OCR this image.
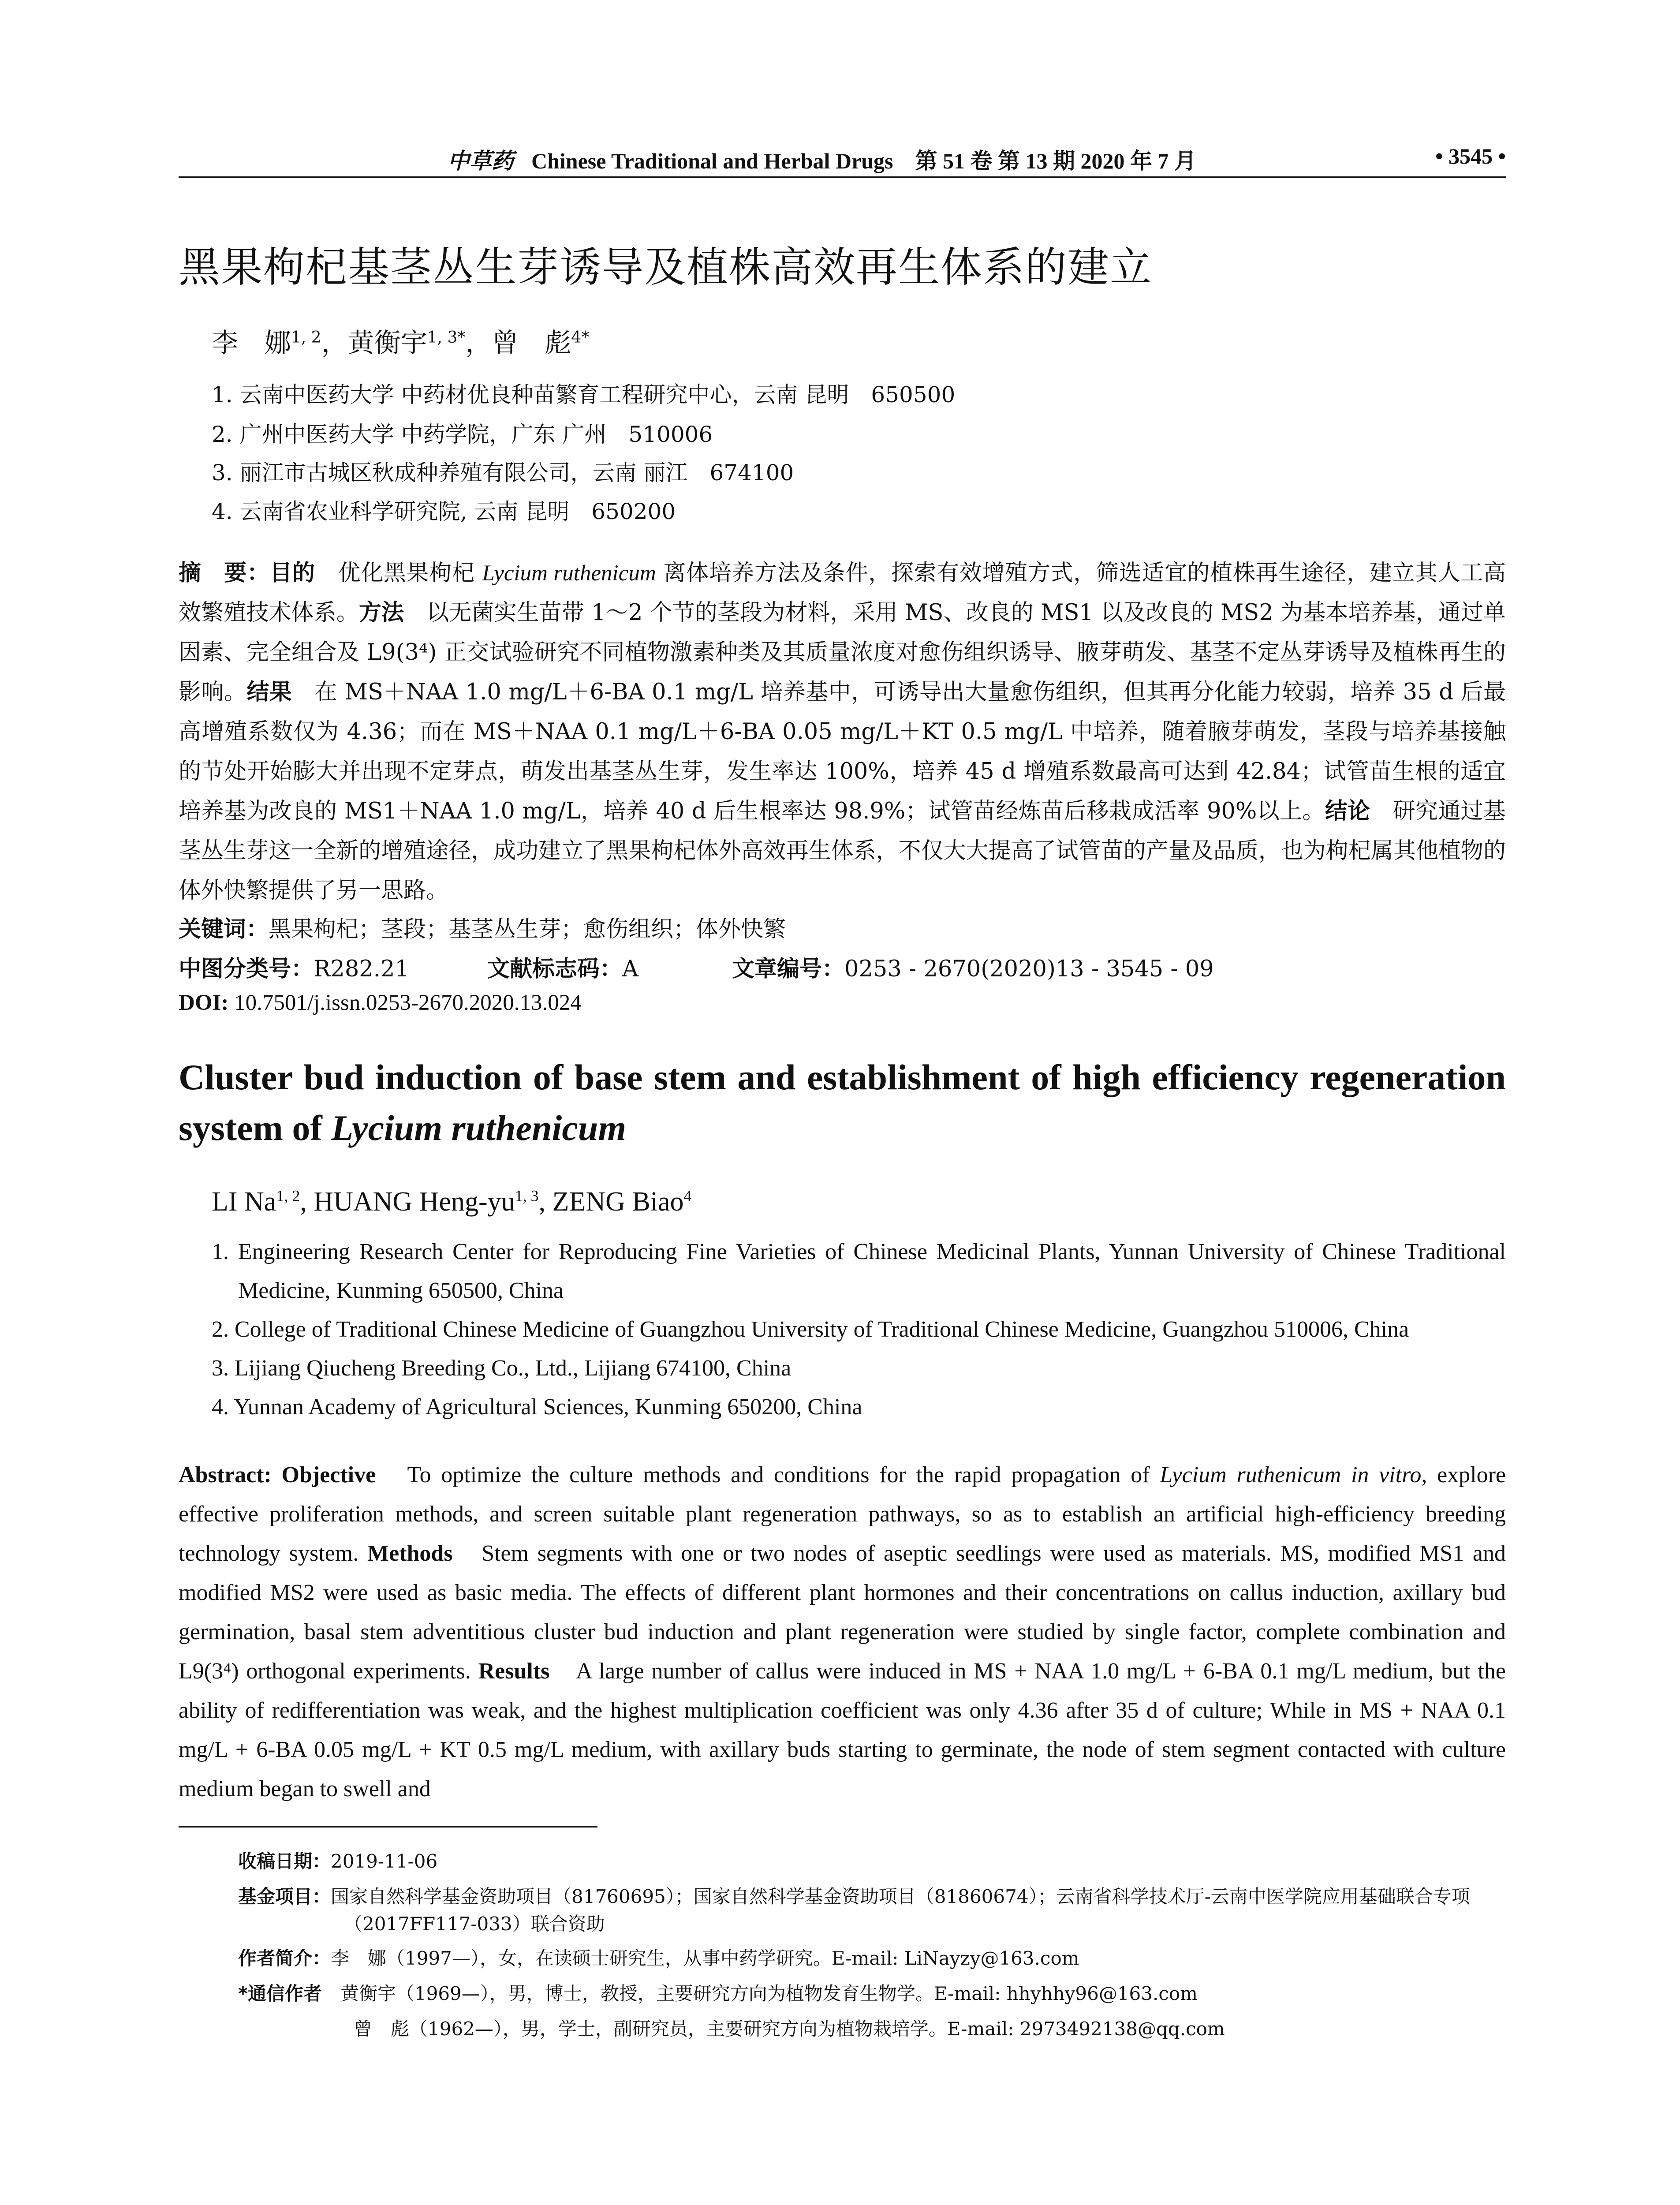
中草药 Chinese Traditional and Herbal Drugs　第 51 卷 第 13 期 2020 年 7 月	• 3545 •
黑果枸杞基茎丛生芽诱导及植株高效再生体系的建立
李　娜$^{1, 2}$，黄衡宇$^{1, 3*}$，曾　彪$^{4*}$
1. 云南中医药大学 中药材优良种苗繁育工程研究中心，云南 昆明　650500
2. 广州中医药大学 中药学院，广东 广州　510006
3. 丽江市古城区秋成种养殖有限公司，云南 丽江　674100
4. 云南省农业科学研究院, 云南 昆明　650200
摘　要：目的　优化黑果枸杞 Lycium ruthenicum 离体培养方法及条件，探索有效增殖方式，筛选适宜的植株再生途径，建立其人工高效繁殖技术体系。方法　以无菌实生苗带 1～2 个节的茎段为材料，采用 MS、改良的 MS1 以及改良的 MS2 为基本培养基，通过单因素、完全组合及 L9(3⁴) 正交试验研究不同植物激素种类及其质量浓度对愈伤组织诱导、腋芽萌发、基茎不定丛芽诱导及植株再生的影响。结果　在 MS＋NAA 1.0 mg/L＋6-BA 0.1 mg/L 培养基中，可诱导出大量愈伤组织，但其再分化能力较弱，培养 35 d 后最高增殖系数仅为 4.36；而在 MS＋NAA 0.1 mg/L＋6-BA 0.05 mg/L＋KT 0.5 mg/L 中培养，随着腋芽萌发，茎段与培养基接触的节处开始膨大并出现不定芽点，萌发出基茎丛生芽，发生率达 100%，培养 45 d 增殖系数最高可达到 42.84；试管苗生根的适宜培养基为改良的 MS1＋NAA 1.0 mg/L，培养 40 d 后生根率达 98.9%；试管苗经炼苗后移栽成活率 90%以上。结论　研究通过基茎丛生芽这一全新的增殖途径，成功建立了黑果枸杞体外高效再生体系，不仅大大提高了试管苗的产量及品质，也为枸杞属其他植物的体外快繁提供了另一思路。
关键词：黑果枸杞；茎段；基茎丛生芽；愈伤组织；体外快繁
中图分类号：R282.21	文献标志码：A	文章编号：0253 - 2670(2020)13 - 3545 - 09
DOI: 10.7501/j.issn.0253-2670.2020.13.024
Cluster bud induction of base stem and establishment of high efficiency regeneration system of Lycium ruthenicum
LI Na$^{1, 2}$, HUANG Heng-yu$^{1, 3}$, ZENG Biao$^4$
1. Engineering Research Center for Reproducing Fine Varieties of Chinese Medicinal Plants, Yunnan University of Chinese Traditional Medicine, Kunming 650500, China
2. College of Traditional Chinese Medicine of Guangzhou University of Traditional Chinese Medicine, Guangzhou 510006, China
3. Lijiang Qiucheng Breeding Co., Ltd., Lijiang 674100, China
4. Yunnan Academy of Agricultural Sciences, Kunming 650200, China
Abstract: Objective　To optimize the culture methods and conditions for the rapid propagation of Lycium ruthenicum in vitro, explore effective proliferation methods, and screen suitable plant regeneration pathways, so as to establish an artificial high-efficiency breeding technology system. Methods　Stem segments with one or two nodes of aseptic seedlings were used as materials. MS, modified MS1 and modified MS2 were used as basic media. The effects of different plant hormones and their concentrations on callus induction, axillary bud germination, basal stem adventitious cluster bud induction and plant regeneration were studied by single factor, complete combination and L9(3⁴) orthogonal experiments. Results　A large number of callus were induced in MS + NAA 1.0 mg/L + 6-BA 0.1 mg/L medium, but the ability of redifferentiation was weak, and the highest multiplication coefficient was only 4.36 after 35 d of culture; While in MS + NAA 0.1 mg/L + 6-BA 0.05 mg/L + KT 0.5 mg/L medium, with axillary buds starting to germinate, the node of stem segment contacted with culture medium began to swell and
收稿日期：2019-11-06
基金项目：国家自然科学基金资助项目（81760695）；国家自然科学基金资助项目（81860674）；云南省科学技术厅-云南中医学院应用基础联合专项（2017FF117-033）联合资助
作者简介：李　娜（1997—），女，在读硕士研究生，从事中药学研究。E-mail: LiNayzy@163.com
*通信作者　黄衡宇（1969—），男，博士，教授，主要研究方向为植物发育生物学。E-mail: hhyhhy96@163.com
曾　彪（1962—），男，学士，副研究员，主要研究方向为植物栽培学。E-mail: 2973492138@qq.com
